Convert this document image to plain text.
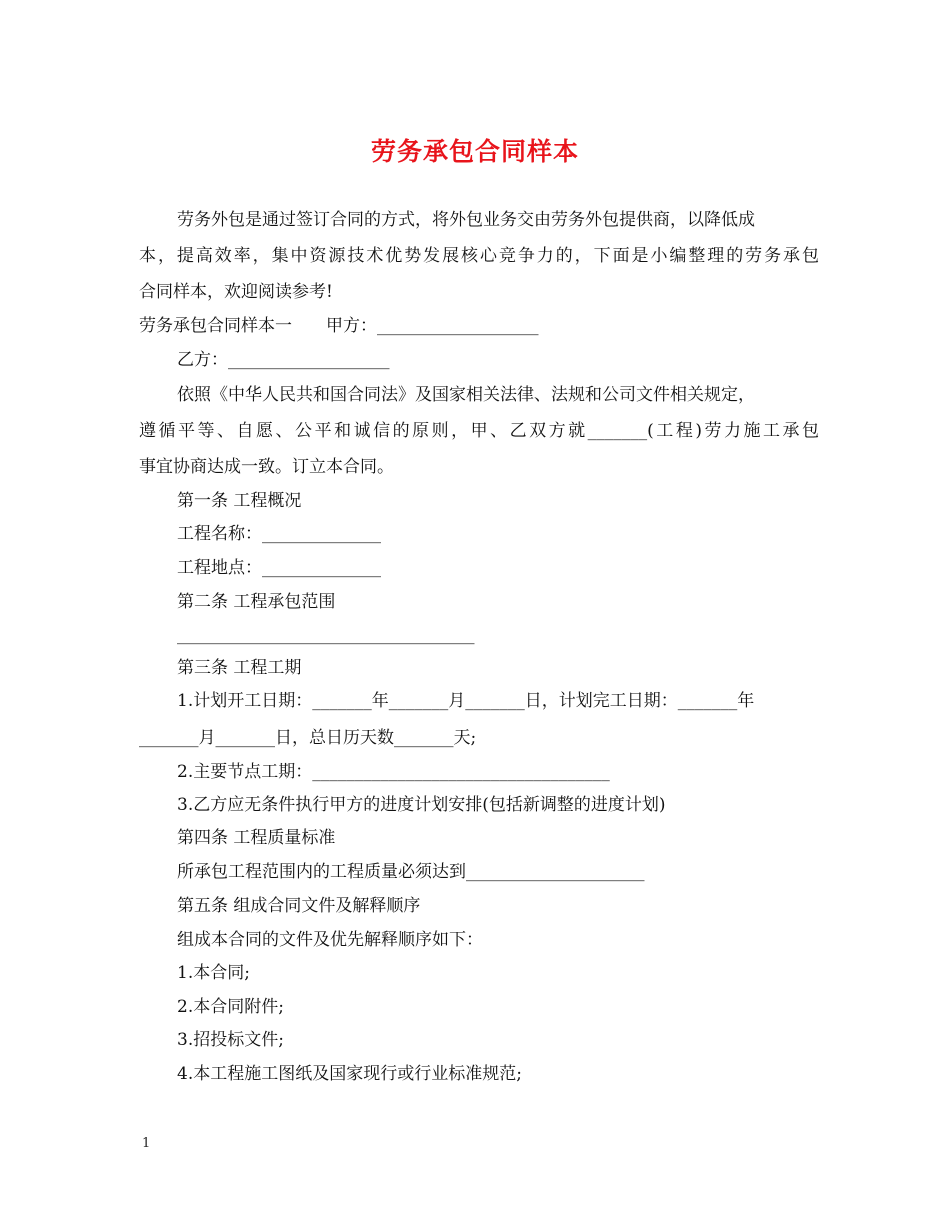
劳务承包合同样本
劳务外包是通过签订合同的方式，将外包业务交由劳务外包提供商，以降低成
本，提高效率，集中资源技术优势发展核心竞争力的，下面是小编整理的劳务承包
合同样本，欢迎阅读参考!
劳务承包合同样本一　　甲方：___________________
乙方：___________________
依照《中华人民共和国合同法》及国家相关法律、法规和公司文件相关规定，
遵循平等、自愿、公平和诚信的原则，甲、乙双方就_______(工程)劳力施工承包
事宜协商达成一致。订立本合同。
第一条 工程概况
工程名称：______________
工程地点：______________
第二条 工程承包范围
___________________________________
第三条 工程工期
1.计划开工日期：_______年_______月_______日，计划完工日期：_______年
_______月_______日，总日历天数_______天;
2.主要节点工期：___________________________________
3.乙方应无条件执行甲方的进度计划安排(包括新调整的进度计划)
第四条 工程质量标准
所承包工程范围内的工程质量必须达到_____________________
第五条 组成合同文件及解释顺序
组成本合同的文件及优先解释顺序如下：
1.本合同;
2.本合同附件;
3.招投标文件;
4.本工程施工图纸及国家现行或行业标准规范;
1
